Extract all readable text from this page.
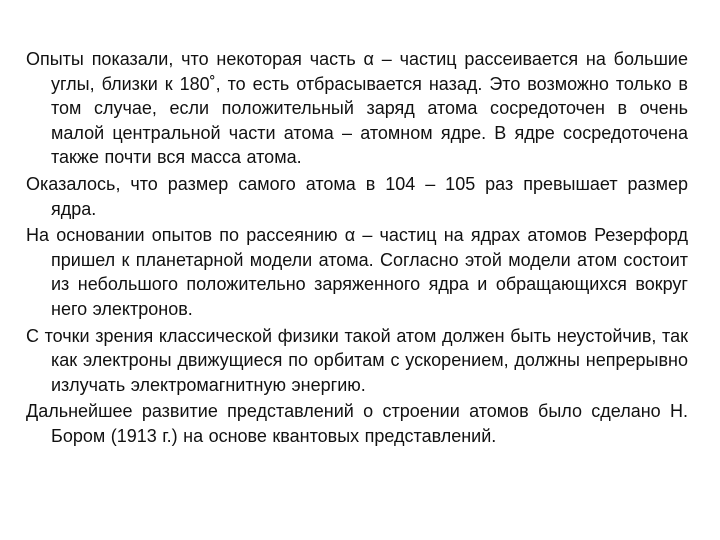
Опыты показали, что некоторая часть α – частиц рассеивается на большие углы, близки к 180˚, то есть отбрасывается назад. Это возможно только в том случае, если положительный заряд атома сосредоточен в очень малой центральной части атома – атомном ядре. В ядре сосредоточена также почти вся масса атома.

Оказалось, что размер самого атома в 104 – 105 раз превышает размер ядра.

На основании опытов по рассеянию α – частиц на ядрах атомов Резерфорд пришел к планетарной модели атома. Согласно этой модели атом состоит из небольшого положительно заряженного ядра и обращающихся вокруг него электронов.

С точки зрения классической физики такой атом должен быть неустойчив, так как электроны движущиеся по орбитам с ускорением, должны непрерывно излучать электромагнитную энергию.

Дальнейшее развитие представлений о строении атомов было сделано Н. Бором (1913 г.) на основе квантовых представлений.
